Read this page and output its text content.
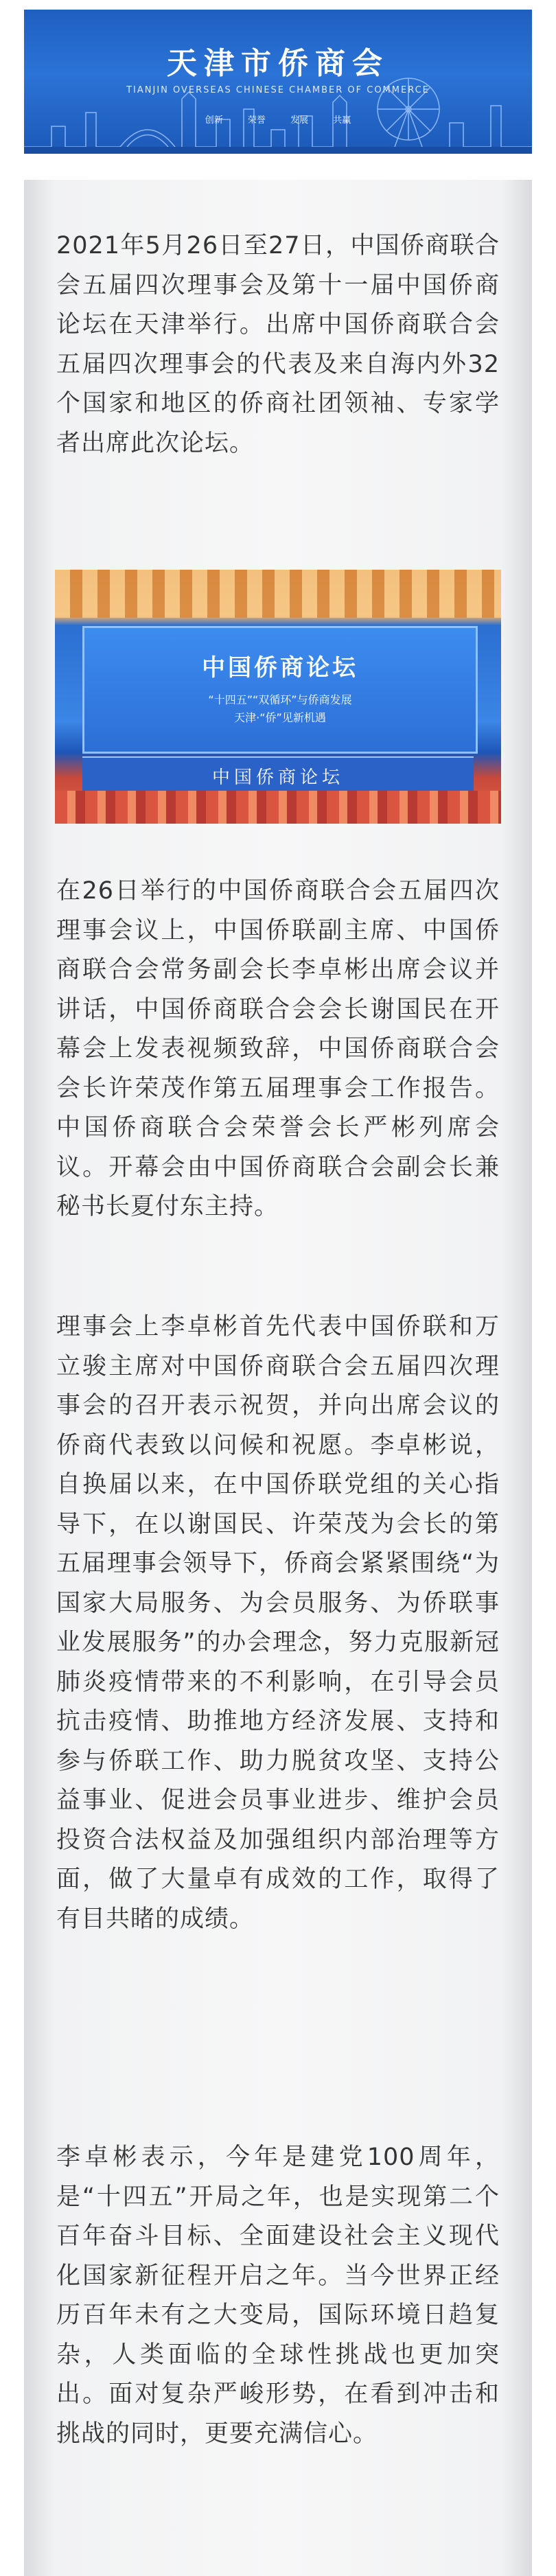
天津市侨商会
TIANJIN OVERSEAS CHINESE CHAMBER OF COMMERCE
创新	荣誉	发展	共赢

2021年5月26日至27日，中国侨商联合会五届四次理事会及第十一届中国侨商论坛在天津举行。出席中国侨商联合会五届四次理事会的代表及来自海内外32个国家和地区的侨商社团领袖、专家学者出席此次论坛。

中国侨商论坛
“十四五”“双循环”与侨商发展
天津·“侨”见新机遇
中国侨商论坛

在26日举行的中国侨商联合会五届四次理事会议上，中国侨联副主席、中国侨商联合会常务副会长李卓彬出席会议并讲话，中国侨商联合会会长谢国民在开幕会上发表视频致辞，中国侨商联合会会长许荣茂作第五届理事会工作报告。中国侨商联合会荣誉会长严彬列席会议。开幕会由中国侨商联合会副会长兼秘书长夏付东主持。

理事会上李卓彬首先代表中国侨联和万立骏主席对中国侨商联合会五届四次理事会的召开表示祝贺，并向出席会议的侨商代表致以问候和祝愿。李卓彬说，自换届以来，在中国侨联党组的关心指导下，在以谢国民、许荣茂为会长的第五届理事会领导下，侨商会紧紧围绕“为国家大局服务、为会员服务、为侨联事业发展服务”的办会理念，努力克服新冠肺炎疫情带来的不利影响，在引导会员抗击疫情、助推地方经济发展、支持和参与侨联工作、助力脱贫攻坚、支持公益事业、促进会员事业进步、维护会员投资合法权益及加强组织内部治理等方面，做了大量卓有成效的工作，取得了有目共睹的成绩。

李卓彬表示，今年是建党100周年，是“十四五”开局之年，也是实现第二个百年奋斗目标、全面建设社会主义现代化国家新征程开启之年。当今世界正经历百年未有之大变局，国际环境日趋复杂，人类面临的全球性挑战也更加突出。面对复杂严峻形势，在看到冲击和挑战的同时，更要充满信心。
